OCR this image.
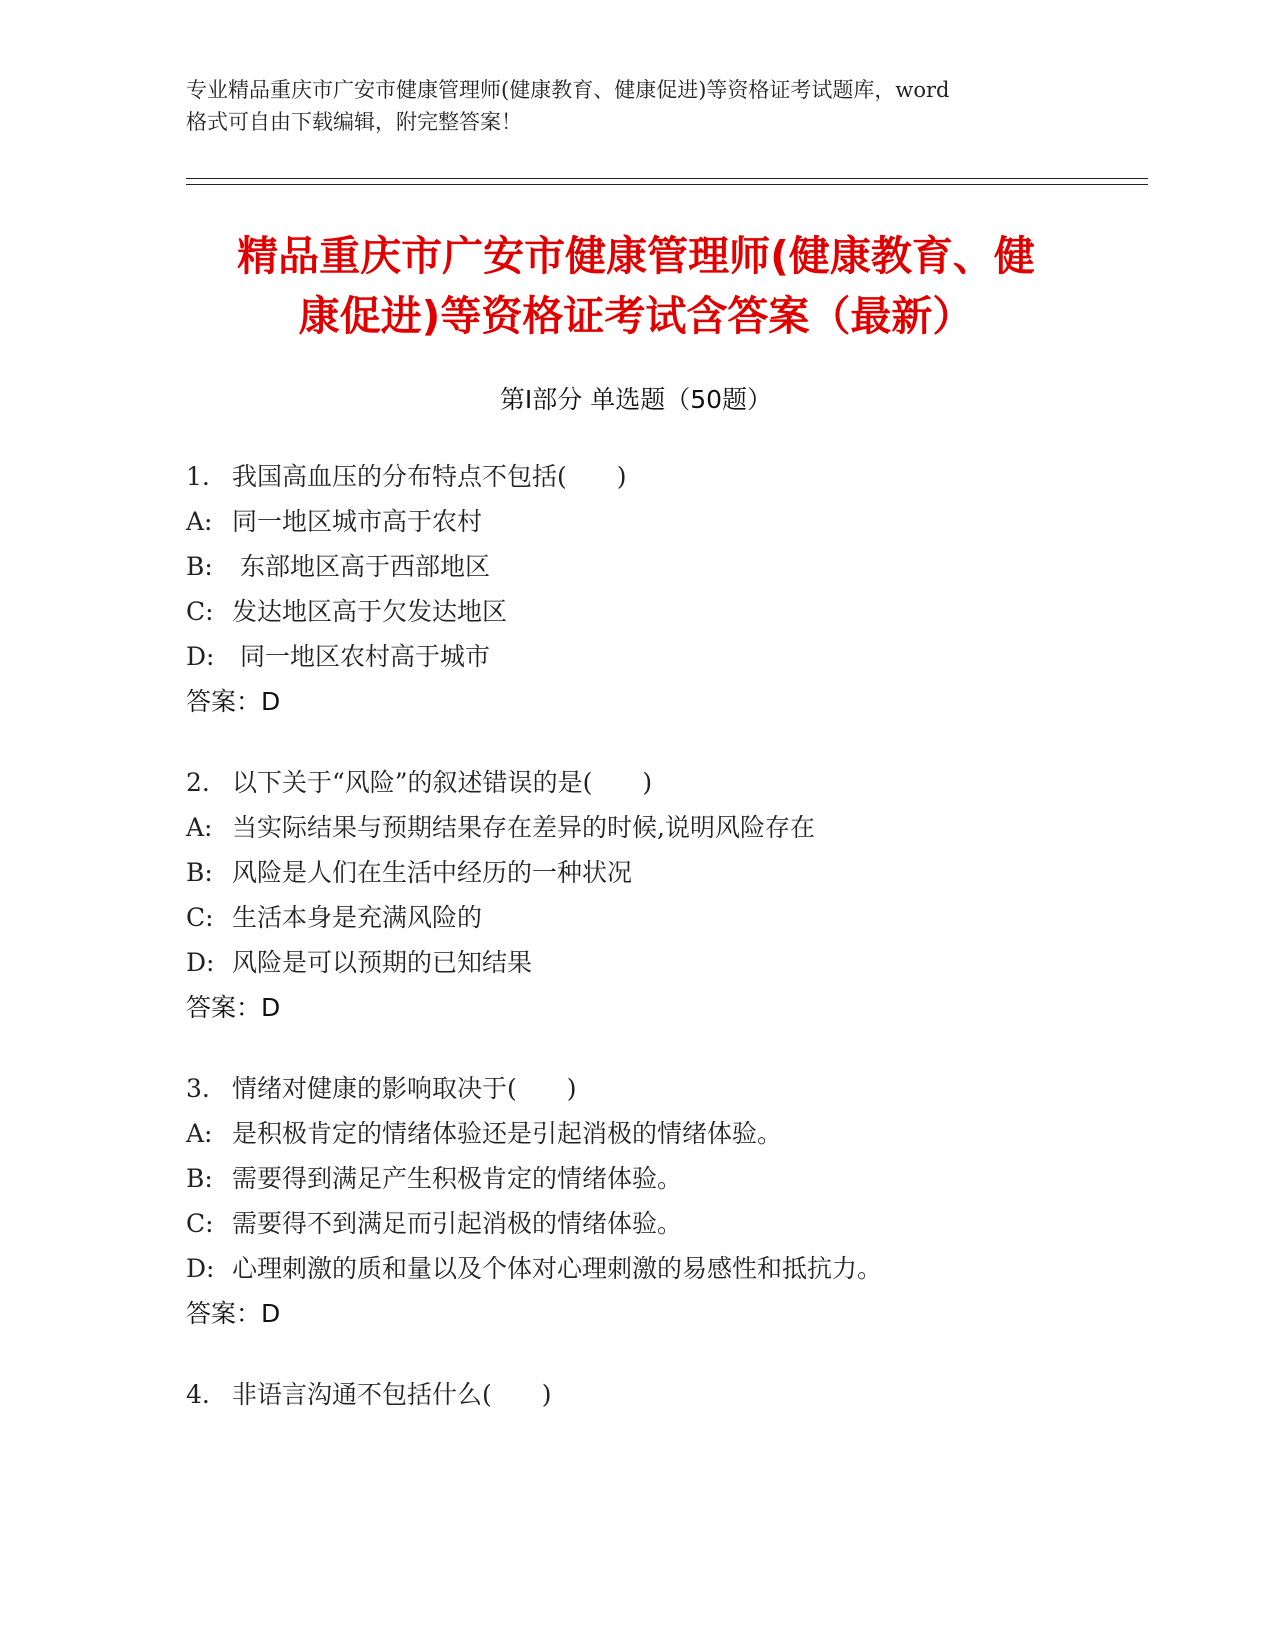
专业精品重庆市广安市健康管理师(健康教育、健康促进)等资格证考试题库，word
格式可自由下载编辑，附完整答案！
精品重庆市广安市健康管理师(健康教育、健
康促进)等资格证考试含答案（最新）
第Ⅰ部分 单选题（50题）
1. 我国高血压的分布特点不包括(　　)
A: 同一地区城市高于农村
B: 东部地区高于西部地区
C: 发达地区高于欠发达地区
D: 同一地区农村高于城市
答案：D
2. 以下关于“风险”的叙述错误的是(　　)
A: 当实际结果与预期结果存在差异的时候,说明风险存在
B: 风险是人们在生活中经历的一种状况
C: 生活本身是充满风险的
D: 风险是可以预期的已知结果
答案：D
3. 情绪对健康的影响取决于(　　)
A: 是积极肯定的情绪体验还是引起消极的情绪体验。
B: 需要得到满足产生积极肯定的情绪体验。
C: 需要得不到满足而引起消极的情绪体验。
D: 心理刺激的质和量以及个体对心理刺激的易感性和抵抗力。
答案：D
4. 非语言沟通不包括什么(　　)
